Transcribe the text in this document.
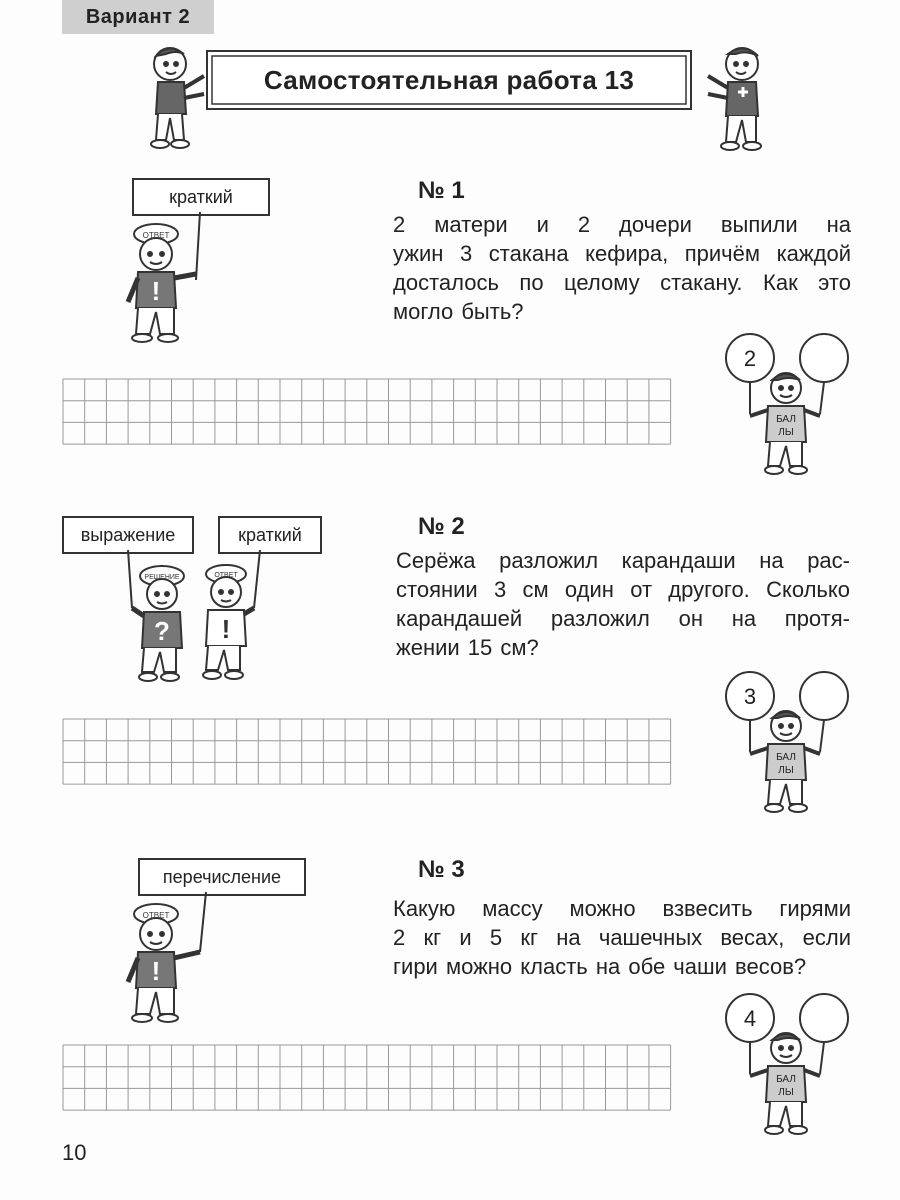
Вариант 2
Самостоятельная работа 13
краткий
ОТВЕТ
!
№ 1
2 матери и 2 дочери выпили на
ужин 3 стакана кефира, причём каждой
досталось по целому стакану. Как это
могло быть?
2
БАЛ
ЛЫ
выражение	краткий
РЕШЕНИЕ	ОТВЕТ
? !
№ 2
Серёжа разложил карандаши на рас-
стоянии 3 см один от другого. Сколько
карандашей разложил он на протя-
жении 15 см?
3
БАЛ
ЛЫ
перечисление
ОТВЕТ
!
№ 3
Какую массу можно взвесить гирями
2 кг и 5 кг на чашечных весах, если
гири можно класть на обе чаши весов?
4
БАЛ
ЛЫ
10
